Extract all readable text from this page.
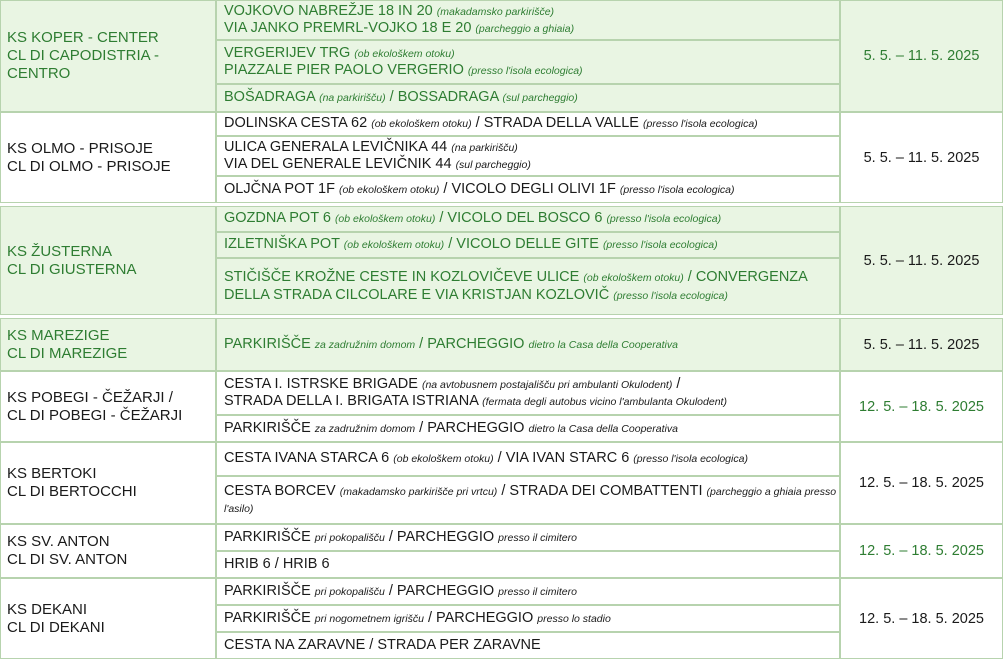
KS KOPER - CENTER
CL DI CAPODISTRIA -
CENTRO
VOJKOVO NABREŽJE 18 IN 20 (makadamsko parkirišče)
VIA JANKO PREMRL-VOJKO 18 E 20 (parcheggio a ghiaia)
VERGERIJEV TRG (ob ekološkem otoku)
PIAZZALE PIER PAOLO VERGERIO (presso l'isola ecologica)
BOŠADRAGA (na parkirišču) / BOSSADRAGA (sul parcheggio)
5. 5. – 11. 5. 2025
KS OLMO - PRISOJE
CL DI OLMO - PRISOJE
DOLINSKA CESTA 62 (ob ekološkem otoku) / STRADA DELLA VALLE (presso l'isola ecologica)
ULICA GENERALA LEVIČNIKA 44 (na parkirišču)
VIA DEL GENERALE LEVIČNIK 44 (sul parcheggio)
OLJČNA POT 1F (ob ekološkem otoku) / VICOLO DEGLI OLIVI 1F (presso l'isola ecologica)
5. 5. – 11. 5. 2025
KS ŽUSTERNA
CL DI GIUSTERNA
GOZDNA POT 6 (ob ekološkem otoku) / VICOLO DEL BOSCO 6 (presso l'isola ecologica)
IZLETNIŠKA POT (ob ekološkem otoku) / VICOLO DELLE GITE (presso l'isola ecologica)
STIČIŠČE KROŽNE CESTE IN KOZLOVIČEVE ULICE (ob ekološkem otoku) / CONVERGENZA
DELLA STRADA CILCOLARE E VIA KRISTJAN KOZLOVIČ (presso l'isola ecologica)
5. 5. – 11. 5. 2025
KS MAREZIGE
CL DI MAREZIGE
PARKIRIŠČE za zadružnim domom / PARCHEGGIO dietro la Casa della Cooperativa	5. 5. – 11. 5. 2025
KS POBEGI - ČEŽARJI /
CL DI POBEGI - ČEŽARJI
CESTA I. ISTRSKE BRIGADE (na avtobusnem postajališču pri ambulanti Okulodent) /
STRADA DELLA I. BRIGATA ISTRIANA (fermata degli autobus vicino l'ambulanta Okulodent)
PARKIRIŠČE za zadružnim domom / PARCHEGGIO dietro la Casa della Cooperativa
12. 5. – 18. 5. 2025
KS BERTOKI
CL DI BERTOCCHI
CESTA IVANA STARCA 6 (ob ekološkem otoku) / VIA IVAN STARC 6 (presso l'isola ecologica)
CESTA BORCEV (makadamsko parkirišče pri vrtcu) / STRADA DEI COMBATTENTI (parcheggio a ghiaia presso l'asilo)
12. 5. – 18. 5. 2025
KS SV. ANTON
CL DI SV. ANTON
PARKIRIŠČE pri pokopališču / PARCHEGGIO presso il cimitero
HRIB 6 / HRIB 6
12. 5. – 18. 5. 2025
KS DEKANI
CL DI DEKANI
PARKIRIŠČE pri pokopališču / PARCHEGGIO presso il cimitero
PARKIRIŠČE pri nogometnem igrišču / PARCHEGGIO presso lo stadio
CESTA NA ZARAVNE / STRADA PER ZARAVNE
12. 5. – 18. 5. 2025
